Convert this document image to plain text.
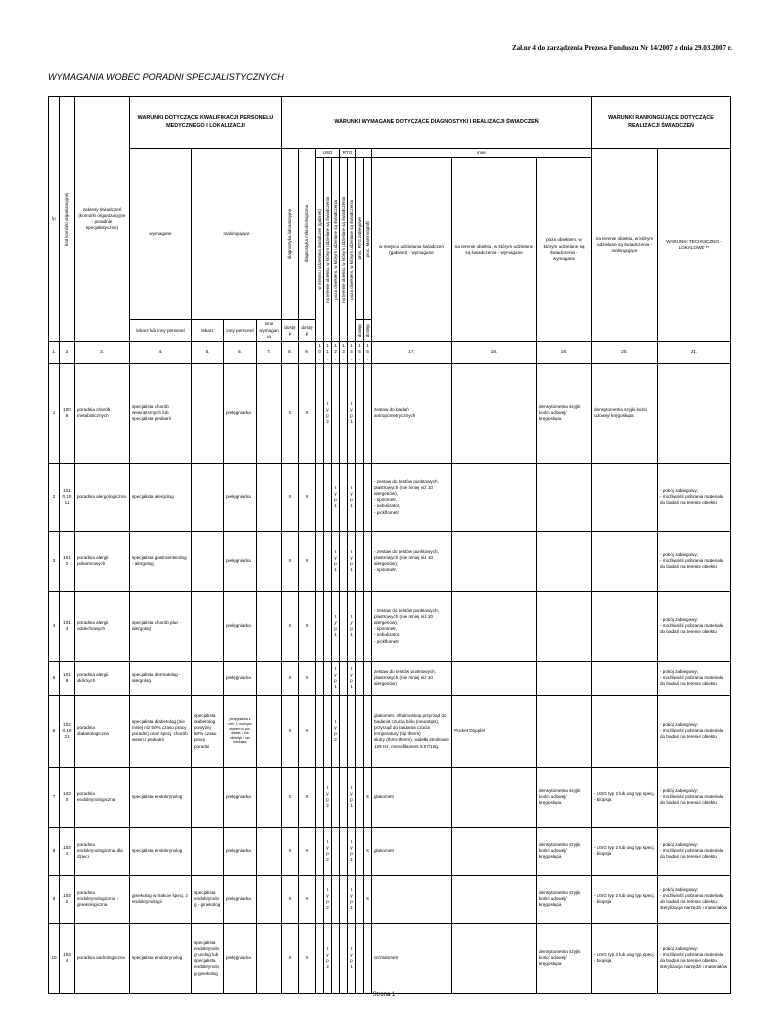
Zał.nr 4 do zarządzenia Prezesa Funduszu Nr 14/2007 z dnia 29.03.2007 r.
WYMAGANIA WOBEC PORADNI SPECJALISTYCZNYCH
lp	kod komórki organizacyjnej	zakresy świadczeń (komórki organizacyjne - poradnie specjalistyczne)	WARUNKI DOTYCZĄCE KWALIFIKACJI PERSONELU MEDYCZNEGO I LOKALIZACJI				WARUNKI WYMAGANE DOTYCZĄCE DIAGNOSTYKI I REALIZACJI ŚWIADCZEŃ												WARUNKI RANKINGUJĄCE DOTYCZĄCE REALIZACJI ŚWIADCZEŃ	
			wymagane	rankingujące			diagnostyka laboratoryjna	diagnostyka mikrobiologiczna	USG			RTG				inne			na terenie obiektu, w którym udzielane są świadczenia - rankingujące	WARUNKI TECHNICZNO - LOKALOWE **

									w miejscu udzielania świadczeń (gabinet)	na terenie obiektu, w którym udzielane są świadczenia	poza obiektem, w którym udzielane są świadczenia	na terenie obiektu, w którym udzielane są świadczenia	poza obiektem, w którym udzielane są świadczenia	proc. RTG zabiegowe	proc. Mammografii	w miejscu udzielania świadczeń (gabinet) - wymagane	na terenie obiektu, w którym udzielane są świadczenia - wymagane	poza obiektem, w którym udzielane są świadczenia - wymagane		
			lekarz lub inny personel	lekarz	inny personel	inne wymagania	dostęp	dostęp						dostęp	dostęp					

1.	2	3.	4.	5.	6.	7.	8.	9.	10.	11.	12.	13.	14.	15.	16.	17.	18.	19.	20.	21.
1	1008	poradnia chorób metabolicznych	specjalista chorób wewnętrznych lub specjalista pediatrii		pielęgniarka		X	X		typ 2			typ 1			zestaw do badań antropometrycznych		densytometria szyjki kości udowej/ kręgosłupa	densytometria szyjki kości udowej/ kręgosłupa	
2	1010,1011	poradnia alergologiczna	specjalista alergolog		pielęgniarka		X	X			typ 1		typ 1			- zestaw do testów punktowych,
plastrowych (nie mniej niż 10 alergenów),
- spirometr,
- nebulizator,
- pickflometr				- pokój zabiegowy;
- możliwość pobrania materiału do badań na terenie obiektu
3	1012	poradnia alergii pokarmowych	specjalista gastroenterolog - alergolog		pielęgniarka		X	X			typ 1		typ 1			- zestaw do testów punktowych,
plastrowych (nie mniej niż 10 alergenów),
- spirometr,				- pokój zabiegowy;
- możliwość pobrania materiału do badań na terenie obiektu
4	1014	poradnia alergii oddechowych	specjalista chorób płuc - alergolog		pielęgniarka		X	X			typ 1		typ 1			- zestaw do testów punktowych,
plastrowych (nie mniej niż 10 alergenów),
- spirometr,
- nebulizator,
- pickflometr				- pokój zabiegowy;
- możliwość pobrania materiału do badań na terenie obiektu
5	1016	poradnia alergii skórnych	specjalista dermatolog - alergolog		pielęgniarka		X	X			typ 1		typ 1			zestaw do testów punktowych,
plastrowych (nie mniej niż 10 alergenów)				- pokój zabiegowy;
- możliwość pobrania materiału do badań na terenie obiektu
6	1020,1021	poradnia diabetologiczna	specjalista diabetolog (nie mniej niż 50% czasu pracy poradni) oraz specj. chorób wewn./ pediatrii	specjalista diabetolog powyżej 50% czasu pracy poradni	pielęgniarka z min. 1 rocznym stażem w por. diabet. / lub dietetyk / lub edukator		X	X			typ 2					glukometr, oftalmoskop,przyrząd do badania czucia bólu (neurotips),
przyrząd do badania czucia temperatury (tip therm)
skóry (thrm-therm), widełki stroikowe 128 Hz, monofilament 5.07/10g,	Pocket Doppler			- pokój zabiegowy;
- możliwość pobrania materiału do badań na terenie obiektu
7	1030	poradnia endokrynologiczna	specjalista endokrynolog		pielęgniarka		X	X		typ 2			typ 1		X	glukometr		densytometria szyjki kości udowej/ kręgosłupa	- USG typ 2 lub usg typ specj.
- biopsja	- pokój zabiegowy;
- możliwość pobrania materiału do badań na terenie obiektu
8	1031	poradnia endokrynologiczna dla dzieci	specjalista endokrynolog		pielęgniarka		X	X		typ 2			typ 1		X	glukometr		densytometria szyjki kości udowej/ kręgosłupa	- USG typ 2 lub usg typ specj.
- biopsja	- pokój zabiegowy;
- możliwość pobrania materiału do badań na terenie obiektu
9	1032	poradnia endokrynologiczno - ginekologiczna	ginekolog w trakcie specj. z endokrynologii	specjalista endokrynolog - ginekolog	pielęgniarka		X	X		typ 2			typ 1		X			densytometria szyjki kości udowej/ kręgosłupa	- USG typ 2 lub usg typ specj.
- biopsja	- pokój zabiegowy;
- możliwość pobrania materiału do badań na terenie obiektu
sterylizacja narzędzi i materiałów
10	1034	poradnia andrologiczna	specjalista endokrynolog	specjalista endokrynolog-urolog lub specjalista endokrynolog-ginekolog	pielęgniarka		X	X		typ 2			typ 1			orchidometr		densytometria szyjki kości udowej/ kręgosłupa	- USG typ 2 lub usg typ specj.
- biopsja	- pokój zabiegowy;
- możliwość pobrania materiału do badań na terenie obiektu
sterylizacja narzędzi i materiałów
Strona 1
